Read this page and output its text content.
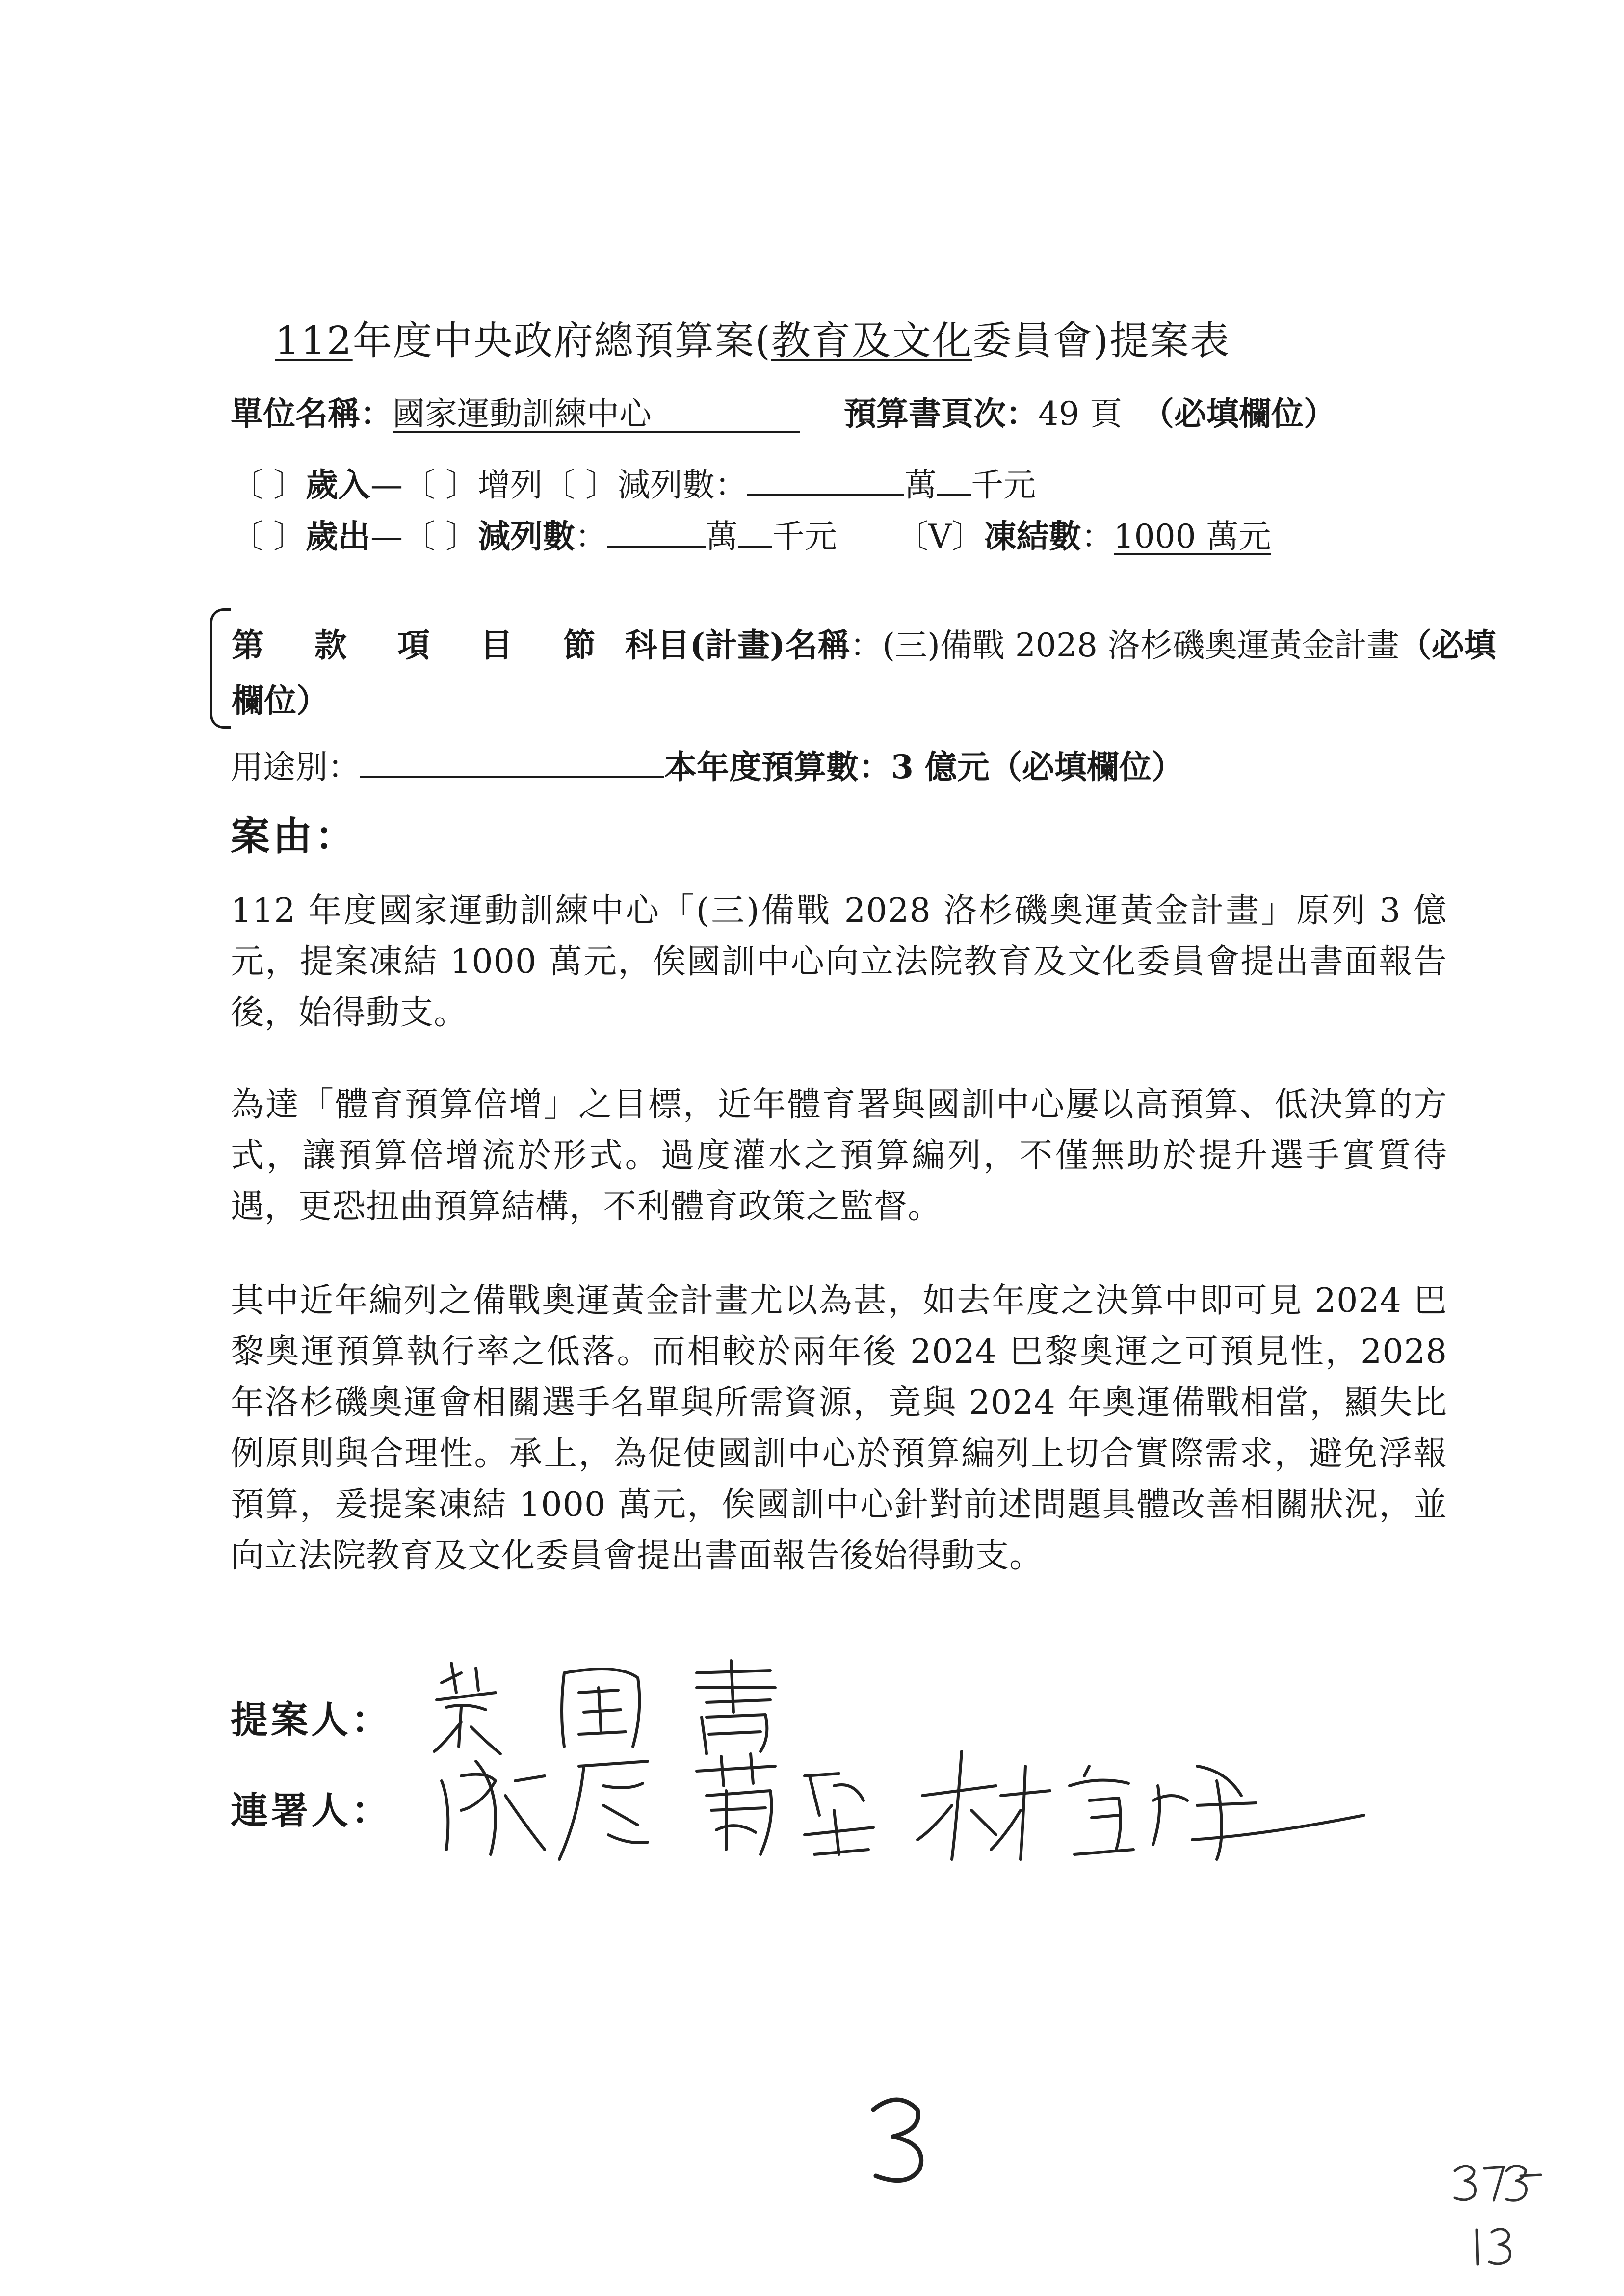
112年度中央政府總預算案(教育及文化委員會)提案表
單位名稱：國家運動訓練中心	預算書頁次：49 頁 （必填欄位）
〔 〕歲入—〔 〕增列〔 〕減列數：	萬 千元
〔 〕歲出—〔 〕減列數：	萬 千元 〔V〕凍結數：1000 萬元
第 款 項 目 節 科目(計畫)名稱：(三)備戰 2028 洛杉磯奧運黃金計畫（必填
欄位）
用途別：	本年度預算數：3 億元（必填欄位）
案由：
112 年度國家運動訓練中心「(三)備戰 2028 洛杉磯奧運黃金計畫」原列 3 億元，提案凍結 1000 萬元，俟國訓中心向立法院教育及文化委員會提出書面報告後，始得動支。
為達「體育預算倍增」之目標，近年體育署與國訓中心屢以高預算、低決算的方式，讓預算倍增流於形式。過度灌水之預算編列，不僅無助於提升選手實質待遇，更恐扭曲預算結構，不利體育政策之監督。
其中近年編列之備戰奧運黃金計畫尤以為甚，如去年度之決算中即可見 2024 巴黎奧運預算執行率之低落。而相較於兩年後 2024 巴黎奧運之可預見性，2028 年洛杉磯奧運會相關選手名單與所需資源，竟與 2024 年奧運備戰相當，顯失比例原則與合理性。承上，為促使國訓中心於預算編列上切合實際需求，避免浮報預算，爰提案凍結 1000 萬元，俟國訓中心針對前述問題具體改善相關狀況，並向立法院教育及文化委員會提出書面報告後始得動支。
提案人：
連署人：
